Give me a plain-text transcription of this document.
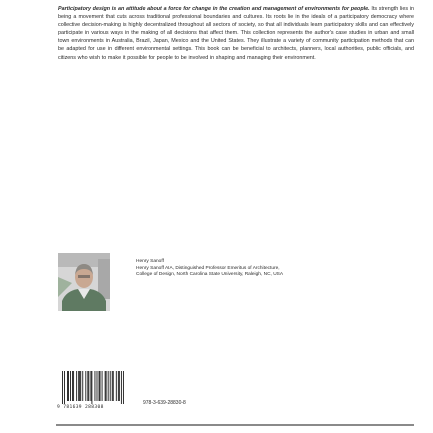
Participatory design is an attitude about a force for change in the creation and management of environments for people. Its strength lies in being a movement that cuts across traditional professional boundaries and cultures. Its roots lie in the ideals of a participatory democracy where collective decision-making is highly decentralized throughout all sectors of society, so that all individuals learn participatory skills and can effectively participate in various ways in the making of all decisions that affect them. This collection represents the author's case studies in urban and small town environments in Australia, Brazil, Japan, Mexico and the United States. They illustrate a variety of community participation methods that can be adapted for use in different environmental settings. This book can be beneficial to architects, planners, local authorities, public officials, and citizens who wish to make it possible for people to be involved in shaping and managing their environment.
Henry Sanoff
Henry Sanoff AIA, Distinguished Professor Emeritus of Architecture, College of Design, North Carolina State University, Raleigh, NC, USA
9 781639 288308
978-3-639-28830-8
